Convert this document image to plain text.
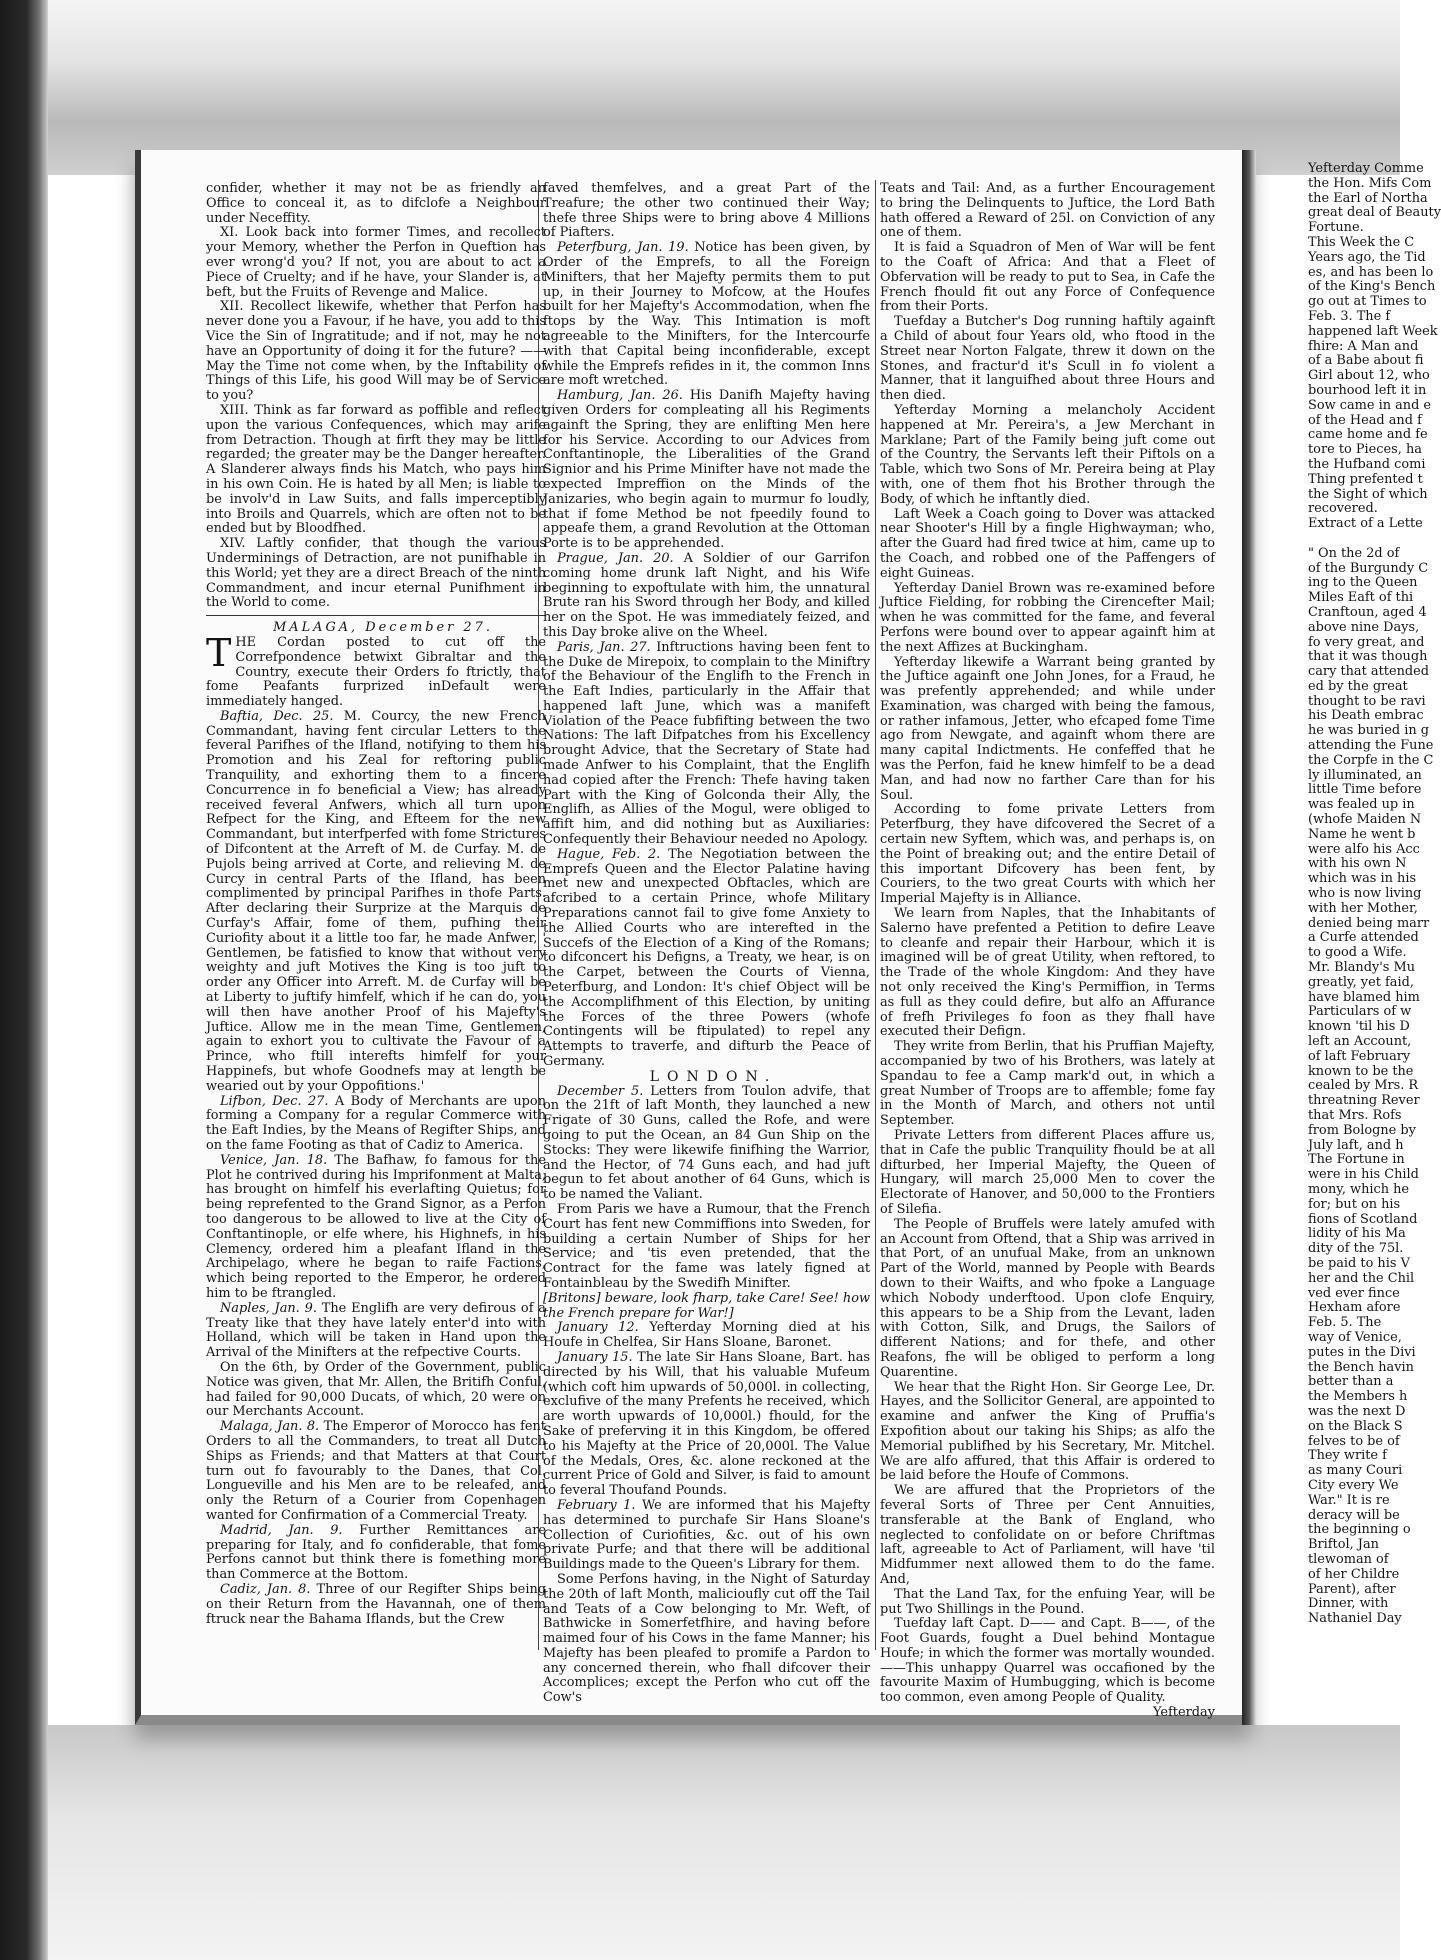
confider, whether it may not be as friendly an Office to conceal it, as to difclofe a Neighbour under Neceffity.

XI. Look back into former Times, and recollect your Memory, whether the Perfon in Queftion has ever wrong'd you? If not, you are about to act a Piece of Cruelty; and if he have, your Slander is, at beft, but the Fruits of Revenge and Malice.

XII. Recollect likewife, whether that Perfon has never done you a Favour, if he have, you add to this Vice the Sin of Ingratitude; and if not, may he not have an Opportunity of doing it for the future? ——May the Time not come when, by the Inftability of Things of this Life, his good Will may be of Service to you?

XIII. Think as far forward as poffible and reflect upon the various Confequences, which may arife from Detraction. Though at firft they may be little regarded; the greater may be the Danger hereafter. A Slanderer always finds his Match, who pays him in his own Coin. He is hated by all Men; is liable to be involv'd in Law Suits, and falls imperceptibly into Broils and Quarrels, which are often not to be ended but by Bloodfhed.

XIV. Laftly confider, that though the various Underminings of Detraction, are not punifhable in this World; yet they are a direct Breach of the ninth Commandment, and incur eternal Punifhment in the World to come.

MALAGA, December 27.

THE Cordan posted to cut off the Correfpondence betwixt Gibraltar and the Country, execute their Orders fo ftrictly, that fome Peafants furprized inDefault were immediately hanged.

Baftia, Dec. 25. M. Courcy, the new French Commandant, having fent circular Letters to the feveral Parifhes of the Ifland, notifying to them his Promotion and his Zeal for reftoring public Tranquility, and exhorting them to a fincere Concurrence in fo beneficial a View; has already received feveral Anfwers, which all turn upon Refpect for the King, and Efteem for the new Commandant, but interfperfed with fome Strictures of Difcontent at the Arreft of M. de Curfay. M. de Pujols being arrived at Corte, and relieving M. de Curcy in central Parts of the Ifland, has been complimented by principal Parifhes in thofe Parts. After declaring their Surprize at the Marquis de Curfay's Affair, fome of them, pufhing their Curiofity about it a little too far, he made Anfwer, ' Gentlemen, be fatisfied to know that without very weighty and juft Motives the King is too juft to order any Officer into Arreft. M. de Curfay will be at Liberty to juftify himfelf, which if he can do, you will then have another Proof of his Majefty's Juftice. Allow me in the mean Time, Gentlemen, again to exhort you to cultivate the Favour of a Prince, who ftill interefts himfelf for your Happinefs, but whofe Goodnefs may at length be wearied out by your Oppofitions.'

Lifbon, Dec. 27. A Body of Merchants are upon forming a Company for a regular Commerce with the Eaft Indies, by the Means of Regifter Ships, and on the fame Footing as that of Cadiz to America.

Venice, Jan. 18. The Bafhaw, fo famous for the Plot he contrived during his Imprifonment at Malta, has brought on himfelf his everlafting Quietus; for being reprefented to the Grand Signor, as a Perfon too dangerous to be allowed to live at the City of Conftantinople, or elfe where, his Highnefs, in his Clemency, ordered him a pleafant Ifland in the Archipelago, where he began to raife Factions, which being reported to the Emperor, he ordered him to be ftrangled.

Naples, Jan. 9. The Englifh are very defirous of a Treaty like that they have lately enter'd into with Holland, which will be taken in Hand upon the Arrival of the Minifters at the refpective Courts.

On the 6th, by Order of the Government, public Notice was given, that Mr. Allen, the Britifh Conful, had failed for 90,000 Ducats, of which, 20 were on our Merchants Account.

Malaga, Jan. 8. The Emperor of Morocco has fent Orders to all the Commanders, to treat all Dutch Ships as Friends; and that Matters at that Court turn out fo favourably to the Danes, that Col. Longueville and his Men are to be releafed, and only the Return of a Courier from Copenhagen wanted for Confirmation of a Commercial Treaty.

Madrid, Jan. 9. Further Remittances are preparing for Italy, and fo confiderable, that fome Perfons cannot but think there is fomething more than Commerce at the Bottom.

Cadiz, Jan. 8. Three of our Regifter Ships being on their Return from the Havannah, one of them ftruck near the Bahama Iflands, but the Crew

faved themfelves, and a great Part of the Treafure; the other two continued their Way; thefe three Ships were to bring above 4 Millions of Piafters.

Peterfburg, Jan. 19. Notice has been given, by Order of the Emprefs, to all the Foreign Minifters, that her Majefty permits them to put up, in their Journey to Mofcow, at the Houfes built for her Majefty's Accommodation, when fhe ftops by the Way. This Intimation is moft agreeable to the Minifters, for the Intercourfe with that Capital being inconfiderable, except while the Emprefs refides in it, the common Inns are moft wretched.

Hamburg, Jan. 26. His Danifh Majefty having given Orders for compleating all his Regiments againft the Spring, they are enlifting Men here for his Service. According to our Advices from Conftantinople, the Liberalities of the Grand Signior and his Prime Minifter have not made the expected Impreffion on the Minds of the Janizaries, who begin again to murmur fo loudly, that if fome Method be not fpeedily found to appeafe them, a grand Revolution at the Ottoman Porte is to be apprehended.

Prague, Jan. 20. A Soldier of our Garrifon coming home drunk laft Night, and his Wife beginning to expoftulate with him, the unnatural Brute ran his Sword through her Body, and killed her on the Spot. He was immediately feized, and this Day broke alive on the Wheel.

Paris, Jan. 27. Inftructions having been fent to the Duke de Mirepoix, to complain to the Miniftry of the Behaviour of the Englifh to the French in the Eaft Indies, particularly in the Affair that happened laft June, which was a manifeft Violation of the Peace fubfifting between the two Nations: The laft Difpatches from his Excellency brought Advice, that the Secretary of State had made Anfwer to his Complaint, that the Englifh had copied after the French: Thefe having taken Part with the King of Golconda their Ally, the Englifh, as Allies of the Mogul, were obliged to affift him, and did nothing but as Auxiliaries: Confequently their Behaviour needed no Apology.

Hague, Feb. 2. The Negotiation between the Emprefs Queen and the Elector Palatine having met new and unexpected Obftacles, which are afcribed to a certain Prince, whofe Military Preparations cannot fail to give fome Anxiety to the Allied Courts who are interefted in the Succefs of the Election of a King of the Romans; to difconcert his Defigns, a Treaty, we hear, is on the Carpet, between the Courts of Vienna, Peterfburg, and London: It's chief Object will be the Accomplifhment of this Election, by uniting the Forces of the three Powers (whofe Contingents will be ftipulated) to repel any Attempts to traverfe, and difturb the Peace of Germany.

LONDON.

December 5. Letters from Toulon advife, that on the 21ft of laft Month, they launched a new Frigate of 30 Guns, called the Rofe, and were going to put the Ocean, an 84 Gun Ship on the Stocks: They were likewife finifhing the Warrior, and the Hector, of 74 Guns each, and had juft begun to fet about another of 64 Guns, which is to be named the Valiant.

From Paris we have a Rumour, that the French Court has fent new Commiffions into Sweden, for building a certain Number of Ships for her Service; and 'tis even pretended, that the Contract for the fame was lately figned at Fontainbleau by the Swedifh Minifter.

[Britons] beware, look fharp, take Care! See! how the French prepare for War!]

January 12. Yefterday Morning died at his Houfe in Chelfea, Sir Hans Sloane, Baronet.

January 15. The late Sir Hans Sloane, Bart. has directed by his Will, that his valuable Mufeum (which coft him upwards of 50,000l. in collecting, exclufive of the many Prefents he received, which are worth upwards of 10,000l.) fhould, for the Sake of preferving it in this Kingdom, be offered to his Majefty at the Price of 20,000l. The Value of the Medals, Ores, &c. alone reckoned at the current Price of Gold and Silver, is faid to amount to feveral Thoufand Pounds.

February 1. We are informed that his Majefty has determined to purchafe Sir Hans Sloane's Collection of Curiofities, &c. out of his own private Purfe; and that there will be additional Buildings made to the Queen's Library for them.

Some Perfons having, in the Night of Saturday the 20th of laft Month, malicioufly cut off the Tail and Teats of a Cow belonging to Mr. Weft, of Bathwicke in Somerfetfhire, and having before maimed four of his Cows in the fame Manner; his Majefty has been pleafed to promife a Pardon to any concerned therein, who fhall difcover their Accomplices; except the Perfon who cut off the Cow's

Teats and Tail: And, as a further Encouragement to bring the Delinquents to Juftice, the Lord Bath hath offered a Reward of 25l. on Conviction of any one of them.

It is faid a Squadron of Men of War will be fent to the Coaft of Africa: And that a Fleet of Obfervation will be ready to put to Sea, in Cafe the French fhould fit out any Force of Confequence from their Ports.

Tuefday a Butcher's Dog running haftily againft a Child of about four Years old, who ftood in the Street near Norton Falgate, threw it down on the Stones, and fractur'd it's Scull in fo violent a Manner, that it languifhed about three Hours and then died.

Yefterday Morning a melancholy Accident happened at Mr. Pereira's, a Jew Merchant in Marklane; Part of the Family being juft come out of the Country, the Servants left their Piftols on a Table, which two Sons of Mr. Pereira being at Play with, one of them fhot his Brother through the Body, of which he inftantly died.

Laft Week a Coach going to Dover was attacked near Shooter's Hill by a fingle Highwayman; who, after the Guard had fired twice at him, came up to the Coach, and robbed one of the Paffengers of eight Guineas.

Yefterday Daniel Brown was re-examined before Juftice Fielding, for robbing the Cirencefter Mail; when he was committed for the fame, and feveral Perfons were bound over to appear againft him at the next Affizes at Buckingham.

Yefterday likewife a Warrant being granted by the Juftice againft one John Jones, for a Fraud, he was prefently apprehended; and while under Examination, was charged with being the famous, or rather infamous, Jetter, who efcaped fome Time ago from Newgate, and againft whom there are many capital Indictments. He confeffed that he was the Perfon, faid he knew himfelf to be a dead Man, and had now no farther Care than for his Soul.

According to fome private Letters from Peterfburg, they have difcovered the Secret of a certain new Syftem, which was, and perhaps is, on the Point of breaking out; and the entire Detail of this important Difcovery has been fent, by Couriers, to the two great Courts with which her Imperial Majefty is in Alliance.

We learn from Naples, that the Inhabitants of Salerno have prefented a Petition to defire Leave to cleanfe and repair their Harbour, which it is imagined will be of great Utility, when reftored, to the Trade of the whole Kingdom: And they have not only received the King's Permiffion, in Terms as full as they could defire, but alfo an Affurance of frefh Privileges fo foon as they fhall have executed their Defign.

They write from Berlin, that his Pruffian Majefty, accompanied by two of his Brothers, was lately at Spandau to fee a Camp mark'd out, in which a great Number of Troops are to affemble; fome fay in the Month of March, and others not until September.

Private Letters from different Places affure us, that in Cafe the public Tranquility fhould be at all difturbed, her Imperial Majefty, the Queen of Hungary, will march 25,000 Men to cover the Electorate of Hanover, and 50,000 to the Frontiers of Silefia.

The People of Bruffels were lately amufed with an Account from Oftend, that a Ship was arrived in that Port, of an unufual Make, from an unknown Part of the World, manned by People with Beards down to their Waifts, and who fpoke a Language which Nobody underftood. Upon clofe Enquiry, this appears to be a Ship from the Levant, laden with Cotton, Silk, and Drugs, the Sailors of different Nations; and for thefe, and other Reafons, fhe will be obliged to perform a long Quarentine.

We hear that the Right Hon. Sir George Lee, Dr. Hayes, and the Sollicitor General, are appointed to examine and anfwer the King of Pruffia's Expofition about our taking his Ships; as alfo the Memorial publifhed by his Secretary, Mr. Mitchel. We are alfo affured, that this Affair is ordered to be laid before the Houfe of Commons.

We are affured that the Proprietors of the feveral Sorts of Three per Cent Annuities, transferable at the Bank of England, who neglected to confolidate on or before Chriftmas laft, agreeable to Act of Parliament, will have 'til Midfummer next allowed them to do the fame. And,

That the Land Tax, for the enfuing Year, will be put Two Shillings in the Pound.

Tuefday laft Capt. D—— and Capt. B——, of the Foot Guards, fought a Duel behind Montague Houfe; in which the former was mortally wounded.——This unhappy Quarrel was occafioned by the favourite Maxim of Humbugging, which is become too common, even among People of Quality.

Yefterday

Yefterday Comme
the Hon. Mifs Com
the Earl of Northa
great deal of Beauty
Fortune.
This Week the C
Years ago, the Tid
es, and has been lo
of the King's Bench
go out at Times to
Feb. 3. The f
happened laft Week
fhire: A Man and
of a Babe about fi
Girl about 12, who
bourhood left it in
Sow came in and e
of the Head and f
came home and fe
tore to Pieces, ha
the Hufband comi
Thing prefented t
the Sight of which
recovered.
Extract of a Lette
" On the 2d of
of the Burgundy C
ing to the Queen
Miles Eaft of thi
Cranftoun, aged 4
above nine Days,
fo very great, and
that it was though
cary that attended
ed by the great
thought to be ravi
his Death embrac
he was buried in g
attending the Fune
the Corpfe in the C
ly illuminated, an
little Time before
was fealed up in
(whofe Maiden N
Name he went b
were alfo his Acc
with his own N
which was in his
who is now living
with her Mother,
denied being marr
a Curfe attended
to good a Wife.
Mr. Blandy's Mu
greatly, yet faid,
have blamed him
Particulars of w
known 'til his D
left an Account,
of laft February
known to be the
cealed by Mrs. R
threatning Rever
that Mrs. Rofs
from Bologne by
July laft, and h
The Fortune in
were in his Child
mony, which he
for; but on his
fions of Scotland
lidity of his Ma
dity of the 75l.
be paid to his V
her and the Chil
ved ever fince
Hexham afore
Feb. 5. The
way of Venice,
putes in the Divi
the Bench havin
better than a
the Members h
was the next D
on the Black S
felves to be of
They write f
as many Couri
City every We
War." It is re
deracy will be
the beginning o
Briftol, Jan
tlewoman of
of her Childre
Parent), after
Dinner, with
Nathaniel Day
